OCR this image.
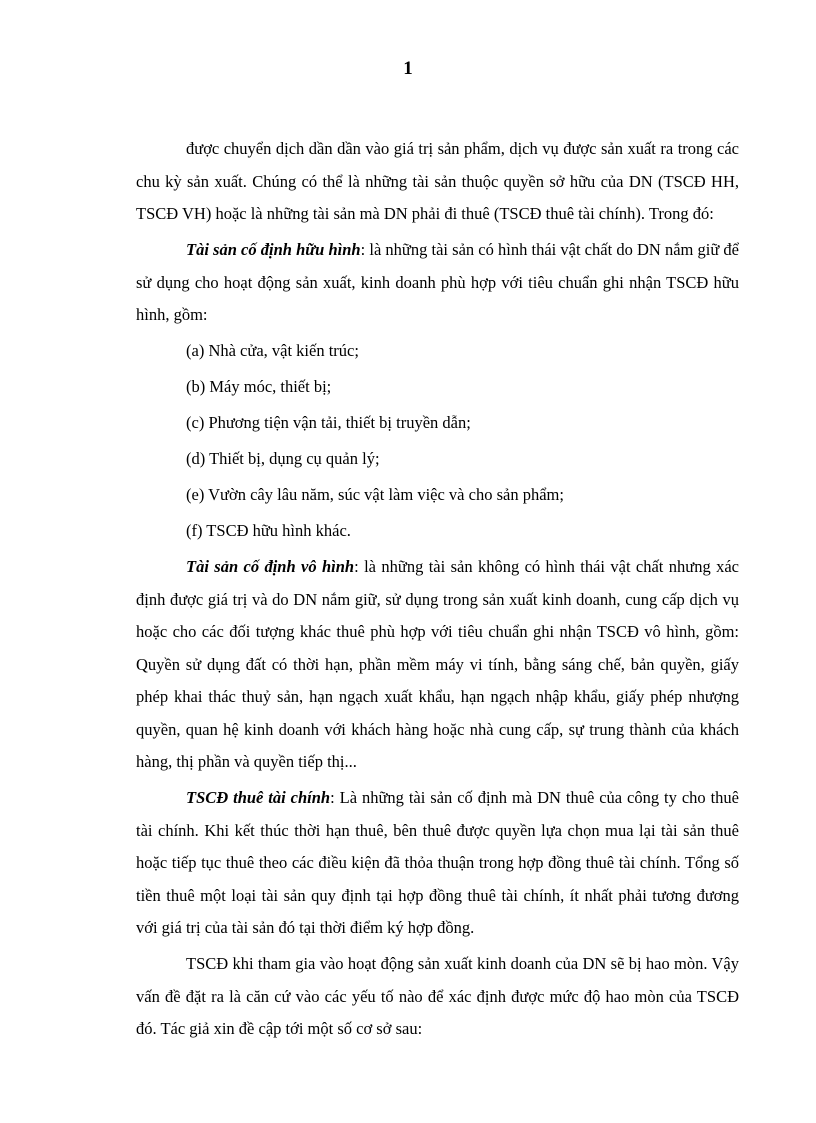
1

được chuyển dịch dần dần vào giá trị sản phẩm, dịch vụ được sản xuất ra trong các chu kỳ sản xuất. Chúng có thể là những tài sản thuộc quyền sở hữu của DN (TSCĐ HH, TSCĐ VH) hoặc là những tài sản mà DN phải đi thuê (TSCĐ thuê tài chính). Trong đó:

Tài sản cố định hữu hình: là những tài sản có hình thái vật chất do DN nắm giữ để sử dụng cho hoạt động sản xuất, kinh doanh phù hợp với tiêu chuẩn ghi nhận TSCĐ hữu hình, gồm:

(a) Nhà cửa, vật kiến trúc;

(b) Máy móc, thiết bị;

(c) Phương tiện vận tải, thiết bị truyền dẫn;

(d) Thiết bị, dụng cụ quản lý;

(e) Vườn cây lâu năm, súc vật làm việc và cho sản phẩm;

(f) TSCĐ hữu hình khác.

Tài sản cố định vô hình: là những tài sản không có hình thái vật chất nhưng xác định được giá trị và do DN nắm giữ, sử dụng trong sản xuất kinh doanh, cung cấp dịch vụ hoặc cho các đối tượng khác thuê phù hợp với tiêu chuẩn ghi nhận TSCĐ vô hình, gồm: Quyền sử dụng đất có thời hạn, phần mềm máy vi tính, bằng sáng chế, bản quyền, giấy phép khai thác thuỷ sản, hạn ngạch xuất khẩu, hạn ngạch nhập khẩu, giấy phép nhượng quyền, quan hệ kinh doanh với khách hàng hoặc nhà cung cấp, sự trung thành của khách hàng, thị phần và quyền tiếp thị...

TSCĐ thuê tài chính: Là những tài sản cố định mà DN thuê của công ty cho thuê tài chính. Khi kết thúc thời hạn thuê, bên thuê được quyền lựa chọn mua lại tài sản thuê hoặc tiếp tục thuê theo các điều kiện đã thỏa thuận trong hợp đồng thuê tài chính. Tổng số tiền thuê một loại tài sản quy định tại hợp đồng thuê tài chính, ít nhất phải tương đương với giá trị của tài sản đó tại thời điểm ký hợp đồng.

TSCĐ khi tham gia vào hoạt động sản xuất kinh doanh của DN sẽ bị hao mòn. Vậy vấn đề đặt ra là căn cứ vào các yếu tố nào để xác định được mức độ hao mòn của TSCĐ đó. Tác giả xin đề cập tới một số cơ sở sau:
